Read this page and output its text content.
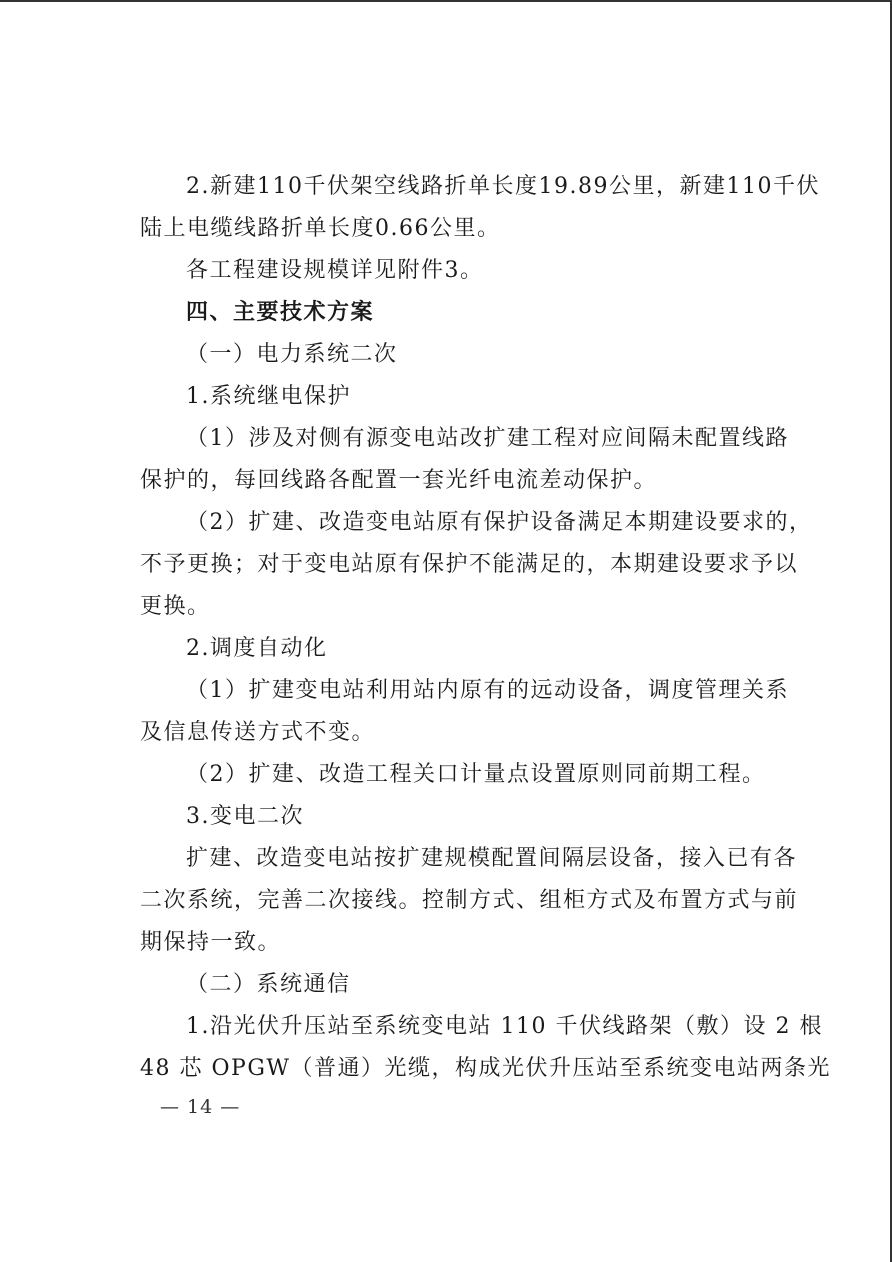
2.新建110千伏架空线路折单长度19.89公里，新建110千伏
陆上电缆线路折单长度0.66公里。
各工程建设规模详见附件3。
四、主要技术方案
（一）电力系统二次
1.系统继电保护
（1）涉及对侧有源变电站改扩建工程对应间隔未配置线路
保护的，每回线路各配置一套光纤电流差动保护。
（2）扩建、改造变电站原有保护设备满足本期建设要求的，
不予更换；对于变电站原有保护不能满足的，本期建设要求予以
更换。
2.调度自动化
（1）扩建变电站利用站内原有的远动设备，调度管理关系
及信息传送方式不变。
（2）扩建、改造工程关口计量点设置原则同前期工程。
3.变电二次
扩建、改造变电站按扩建规模配置间隔层设备，接入已有各
二次系统，完善二次接线。控制方式、组柜方式及布置方式与前
期保持一致。
（二）系统通信
1.沿光伏升压站至系统变电站 110 千伏线路架（敷）设 2 根
48 芯 OPGW（普通）光缆，构成光伏升压站至系统变电站两条光
— 14 —
